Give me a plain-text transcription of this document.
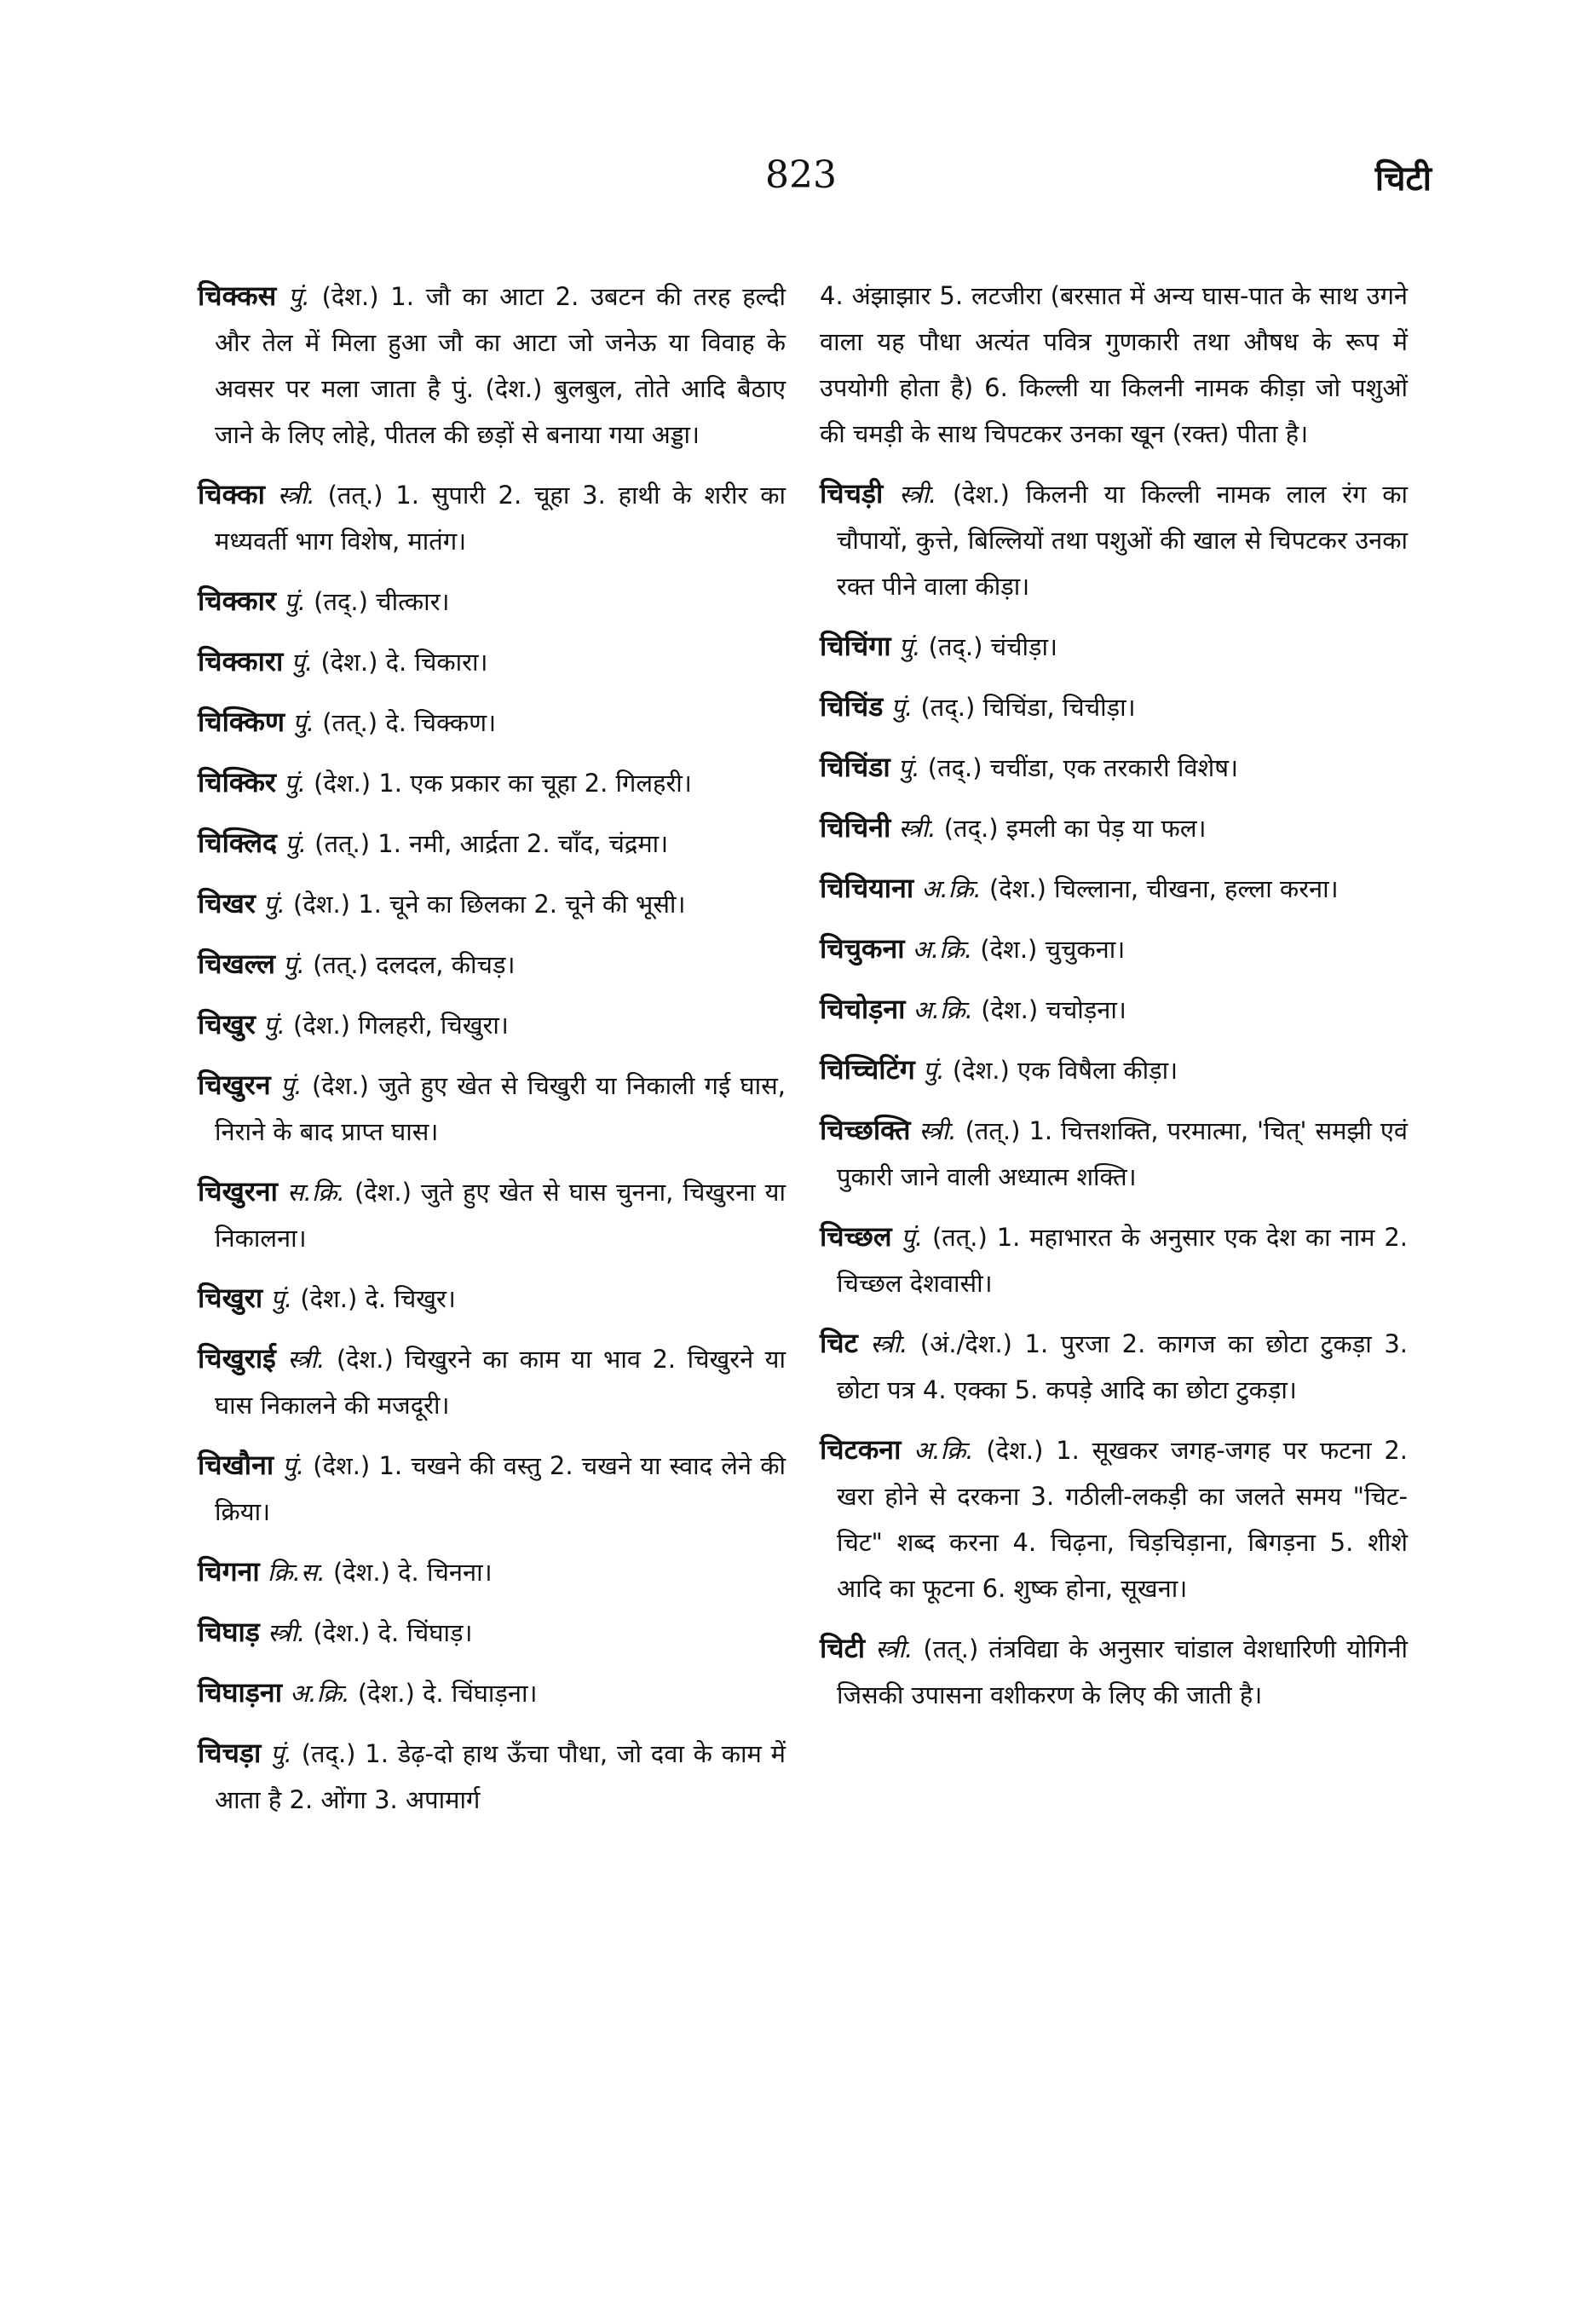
823	चिटी

चिक्कस पुं. (देश.) 1. जौ का आटा 2. उबटन की तरह हल्दी और तेल में मिला हुआ जौ का आटा जो जनेऊ या विवाह के अवसर पर मला जाता है पुं. (देश.) बुलबुल, तोते आदि बैठाए जाने के लिए लोहे, पीतल की छड़ों से बनाया गया अड्डा।

चिक्का स्त्री. (तत्.) 1. सुपारी 2. चूहा 3. हाथी के शरीर का मध्यवर्ती भाग विशेष, मातंग।

चिक्कार पुं. (तद्.) चीत्कार।

चिक्कारा पुं. (देश.) दे. चिकारा।

चिक्किण पुं. (तत्.) दे. चिक्कण।

चिक्किर पुं. (देश.) 1. एक प्रकार का चूहा 2. गिलहरी।

चिक्लिद पुं. (तत्.) 1. नमी, आर्द्रता 2. चाँद, चंद्रमा।

चिखर पुं. (देश.) 1. चूने का छिलका 2. चूने की भूसी।

चिखल्ल पुं. (तत्.) दलदल, कीचड़।

चिखुर पुं. (देश.) गिलहरी, चिखुरा।

चिखुरन पुं. (देश.) जुते हुए खेत से चिखुरी या निकाली गई घास, निराने के बाद प्राप्त घास।

चिखुरना स.क्रि. (देश.) जुते हुए खेत से घास चुनना, चिखुरना या निकालना।

चिखुरा पुं. (देश.) दे. चिखुर।

चिखुराई स्त्री. (देश.) चिखुरने का काम या भाव 2. चिखुरने या घास निकालने की मजदूरी।

चिखौना पुं. (देश.) 1. चखने की वस्तु 2. चखने या स्वाद लेने की क्रिया।

चिगना क्रि.स. (देश.) दे. चिनना।

चिघाड़ स्त्री. (देश.) दे. चिंघाड़।

चिघाड़ना अ.क्रि. (देश.) दे. चिंघाड़ना।

चिचड़ा पुं. (तद्.) 1. डेढ़-दो हाथ ऊँचा पौधा, जो दवा के काम में आता है 2. ओंगा 3. अपामार्ग

4. अंझाझार 5. लटजीरा (बरसात में अन्य घास-पात के साथ उगने वाला यह पौधा अत्यंत पवित्र गुणकारी तथा औषध के रूप में उपयोगी होता है) 6. किल्ली या किलनी नामक कीड़ा जो पशुओं की चमड़ी के साथ चिपटकर उनका खून (रक्त) पीता है।

चिचड़ी स्त्री. (देश.) किलनी या किल्ली नामक लाल रंग का चौपायों, कुत्ते, बिल्लियों तथा पशुओं की खाल से चिपटकर उनका रक्त पीने वाला कीड़ा।

चिचिंगा पुं. (तद्.) चंचीड़ा।

चिचिंड पुं. (तद्.) चिचिंडा, चिचीड़ा।

चिचिंडा पुं. (तद्.) चचींडा, एक तरकारी विशेष।

चिचिनी स्त्री. (तद्.) इमली का पेड़ या फल।

चिचियाना अ.क्रि. (देश.) चिल्लाना, चीखना, हल्ला करना।

चिचुकना अ.क्रि. (देश.) चुचुकना।

चिचोड़ना अ.क्रि. (देश.) चचोड़ना।

चिच्चिटिंग पुं. (देश.) एक विषैला कीड़ा।

चिच्छक्ति स्त्री. (तत्.) 1. चित्तशक्ति, परमात्मा, 'चित्' समझी एवं पुकारी जाने वाली अध्यात्म शक्ति।

चिच्छल पुं. (तत्.) 1. महाभारत के अनुसार एक देश का नाम 2. चिच्छल देशवासी।

चिट स्त्री. (अं./देश.) 1. पुरजा 2. कागज का छोटा टुकड़ा 3. छोटा पत्र 4. एक्का 5. कपड़े आदि का छोटा टुकड़ा।

चिटकना अ.क्रि. (देश.) 1. सूखकर जगह-जगह पर फटना 2. खरा होने से दरकना 3. गठीली-लकड़ी का जलते समय "चिट-चिट" शब्द करना 4. चिढ़ना, चिड़चिड़ाना, बिगड़ना 5. शीशे आदि का फूटना 6. शुष्क होना, सूखना।

चिटी स्त्री. (तत्.) तंत्रविद्या के अनुसार चांडाल वेशधारिणी योगिनी जिसकी उपासना वशीकरण के लिए की जाती है।
